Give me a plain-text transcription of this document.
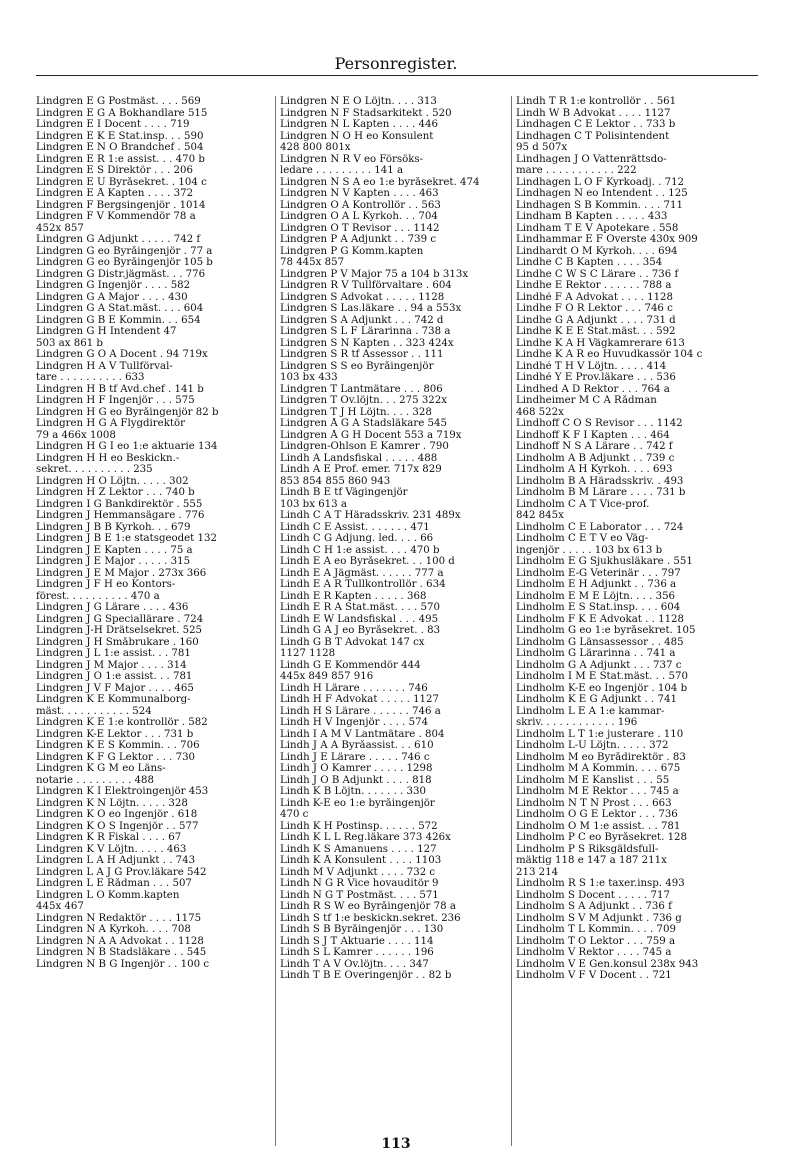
Personregister.
Lindgren E G Postmäst. . . . 569
Lindgren E G A Bokhandlare 515
Lindgren E I Docent . . . . 719
Lindgren E K E Stat.insp. . . 590
Lindgren E N O Brandchef . 504
Lindgren E R 1:e assist. . . 470 b
Lindgren E S Direktör . . . 206
Lindgren E U Byråsekret. . 104 c
Lindgren E Å Kapten . . . . 372
Lindgren F Bergsingenjör . 1014
Lindgren F V Kommendör 78 a
452x 857
Lindgren G Adjunkt . . . . . 742 f
Lindgren G eo Byråingenjör . 77 a
Lindgren G eo Byråingenjör 105 b
Lindgren G Distr.jägmäst. . . 776
Lindgren G Ingenjör . . . . 582
Lindgren G A Major . . . . 430
Lindgren G A Stat.mäst. . . . 604
Lindgren G B E Kommin. . . 654
Lindgren G H Intendent 47
503 ax 861 b
Lindgren G O A Docent . 94 719x
Lindgren H A V Tullförval-
tare . . . . . . . . . . 633
Lindgren H B tf Avd.chef . 141 b
Lindgren H F Ingenjör . . . 575
Lindgren H G eo Byråingenjör 82 b
Lindgren H G A Flygdirektör
79 a 466x 1008
Lindgren H G I eo 1:e aktuarie 134
Lindgren H H eo Beskickn.-
sekret. . . . . . . . . . 235
Lindgren H O Löjtn. . . . . 302
Lindgren H Z Lektor . . . 740 b
Lindgren I G Bankdirektör . 555
Lindgren J Hemmansägare . 776
Lindgren J B B Kyrkoh. . . 679
Lindgren J B E 1:e statsgeodet 132
Lindgren J E Kapten . . . . 75 a
Lindgren J E Major . . . . . 315
Lindgren J E M Major . 273x 366
Lindgren J F H eo Kontors-
förest. . . . . . . . . . 470 a
Lindgren J G Lärare . . . . 436
Lindgren J G Speciallärare . 724
Lindgren J-H Drätselsekret. 525
Lindgren J H Småbrukare . 160
Lindgren J L 1:e assist. . . 781
Lindgren J M Major . . . . 314
Lindgren J O 1:e assist. . . 781
Lindgren J V F Major . . . . 465
Lindgren K E Kommunalborg-
mäst. . . . . . . . . . . 524
Lindgren K E 1:e kontrollör . 582
Lindgren K-E Lektor . . . 731 b
Lindgren K E S Kommin. . . 706
Lindgren K F G Lektor . . . 730
Lindgren K G M eo Läns-
notarie . . . . . . . . . 488
Lindgren K I Elektroingenjör 453
Lindgren K N Löjtn. . . . . 328
Lindgren K O eo Ingenjör . 618
Lindgren K O S Ingenjör . . 577
Lindgren K R Fiskal . . . . 67
Lindgren K V Löjtn. . . . . 463
Lindgren L A H Adjunkt . . 743
Lindgren L A J G Prov.läkare 542
Lindgren L E Rådman . . . 507
Lindgren L O Komm.kapten
445x 467
Lindgren N Redaktör . . . . 1175
Lindgren N A Kyrkoh. . . . 708
Lindgren N A A Advokat . . 1128
Lindgren N B Stadsläkare . . 545
Lindgren N B G Ingenjör . . 100 c
Lindgren N E O Löjtn. . . . 313
Lindgren N F Stadsarkitekt . 520
Lindgren N L Kapten . . . . 446
Lindgren N O H eo Konsulent
428 800 801x
Lindgren N R V eo Försöks-
ledare . . . . . . . . . 141 a
Lindgren N S A eo 1:e byråsekret. 474
Lindgren N V Kapten . . . . 463
Lindgren O A Kontrollör . . 563
Lindgren O A L Kyrkoh. . . 704
Lindgren O T Revisor . . . 1142
Lindgren P A Adjunkt . . 739 c
Lindgren P G Komm.kapten
78 445x 857
Lindgren P V Major 75 a 104 b 313x
Lindgren R V Tullförvaltare . 604
Lindgren S Advokat . . . . . 1128
Lindgren S Las.läkare . . 94 a 553x
Lindgren S A Adjunkt . . . 742 d
Lindgren S L F Lärarinna . 738 a
Lindgren S N Kapten . . 323 424x
Lindgren S R tf Assessor . . 111
Lindgren S S eo Byråingenjör
103 bx 433
Lindgren T Lantmätare . . . 806
Lindgren T Öv.löjtn. . . 275 322x
Lindgren T J H Löjtn. . . . 328
Lindgren Å G A Stadsläkare 545
Lindgren Å G H Docent 553 a 719x
Lindgren-Ohlson E Kamrer . 790
Lindh A Landsfiskal . . . . . 488
Lindh A E Prof. emer. 717x 829
853 854 855 860 943
Lindh B E tf Vägingenjör
103 bx 613 a
Lindh C A T Häradsskriv. 231 489x
Lindh C E Assist. . . . . . . 471
Lindh C G Adjung. led. . . . 66
Lindh C H 1:e assist. . . . 470 b
Lindh E A eo Byråsekret. . . 100 d
Lindh E A Jägmäst. . . . . . 777 a
Lindh E A R Tullkontrollör . 634
Lindh E R Kapten . . . . . 368
Lindh E R A Stat.mäst. . . . 570
Lindh E W Landsfiskal . . . 495
Lindh G A J eo Byråsekret. . 83
Lindh G B T Advokat 147 cx
1127 1128
Lindh G E Kommendör 444
445x 849 857 916
Lindh H Lärare . . . . . . . 746
Lindh H F Advokat . . . . . 1127
Lindh H S Lärare . . . . . . 746 a
Lindh H V Ingenjör . . . . 574
Lindh I A M V Lantmätare . 804
Lindh J A A Byråassist. . . 610
Lindh J E Lärare . . . . . 746 c
Lindh J O Kamrer . . . . . 1298
Lindh J O B Adjunkt . . . . 818
Lindh K B Löjtn. . . . . . . 330
Lindh K-E eo 1:e byråingenjör
470 c
Lindh K H Postinsp. . . . . . 572
Lindh K L L Reg.läkare 373 426x
Lindh K S Amanuens . . . . 127
Lindh K Å Konsulent . . . . 1103
Lindh M V Adjunkt . . . . 732 c
Lindh N G R Vice hovauditör 9
Lindh N G T Postmäst. . . . 571
Lindh R S W eo Byråingenjör 78 a
Lindh S tf 1:e beskickn.sekret. 236
Lindh S B Byråingenjör . . . 130
Lindh S J T Aktuarie . . . . 114
Lindh S L Kamrer . . . . . . 196
Lindh T A V Öv.löjtn. . . . 347
Lindh T B E Överingenjör . . 82 b
Lindh T R 1:e kontrollör . . 561
Lindh W B Advokat . . . . 1127
Lindhagen C E Lektor . . 733 b
Lindhagen C T Polisintendent
95 d 507x
Lindhagen J O Vattenrättsdo-
mare . . . . . . . . . . . 222
Lindhagen L O F Kyrkoadj. . 712
Lindhagen N eo Intendent . . 125
Lindhagen S B Kommin. . . . 711
Lindham B Kapten . . . . . 433
Lindham T E V Apotekare . 558
Lindhammar E F Överste 430x 909
Lindhardt O M Kyrkoh. . . . 694
Lindhe C B Kapten . . . . 354
Lindhe C W S C Lärare . . 736 f
Lindhe E Rektor . . . . . . 788 a
Lindhé F A Advokat . . . . 1128
Lindhe F O R Lektor . . . 746 c
Lindhe G A Adjunkt . . . . 731 d
Lindhe K E E Stat.mäst. . . 592
Lindhe K A H Vägkamrerare 613
Lindhe K A R eo Huvudkassör 104 c
Lindhé T H V Löjtn. . . . . 414
Lindhé Y E Prov.läkare . . . 536
Lindhed A D Rektor . . . 764 a
Lindheimer M C A Rådman
468 522x
Lindhoff C O S Revisor . . . 1142
Lindhoff K F I Kapten . . . 464
Lindhoff N S A Lärare . . 742 f
Lindholm A B Adjunkt . . 739 c
Lindholm A H Kyrkoh. . . . 693
Lindholm B A Häradsskriv. . 493
Lindholm B M Lärare . . . . 731 b
Lindholm C A T Vice-prof.
842 845x
Lindholm C E Laborator . . . 724
Lindholm C E T V eo Väg-
ingenjör . . . . . 103 bx 613 b
Lindholm E G Sjukhusläkare . 551
Lindholm E-G Veterinär . . . 797
Lindholm E H Adjunkt . . 736 a
Lindholm E M E Löjtn. . . . 356
Lindholm E S Stat.insp. . . . 604
Lindholm F K E Advokat . . 1128
Lindholm G eo 1:e byråsekret. 105
Lindholm G Länsassessor . . 485
Lindholm G Lärarinna . . 741 a
Lindholm G A Adjunkt . . . 737 c
Lindholm I M E Stat.mäst. . . 570
Lindholm K-E eo Ingenjör . 104 b
Lindholm K E G Adjunkt . . 741
Lindholm L E A 1:e kammar-
skriv. . . . . . . . . . . . 196
Lindholm L T 1:e justerare . 110
Lindholm L-U Löjtn. . . . . 372
Lindholm M eo Byrådirektör . 83
Lindholm M A Kommin. . . . 675
Lindholm M E Kanslist . . . 55
Lindholm M E Rektor . . . 745 a
Lindholm N T N Prost . . . 663
Lindholm O G E Lektor . . . 736
Lindholm O M 1:e assist. . . 781
Lindholm P C eo Byråsekret. 128
Lindholm P S Riksgäldsfull-
mäktig 118 e 147 a 187 211x
213 214
Lindholm R S 1:e taxer.insp. 493
Lindholm S Docent . . . . . 717
Lindholm S A Adjunkt . . 736 f
Lindholm S V M Adjunkt . 736 g
Lindholm T L Kommin. . . . 709
Lindholm T O Lektor . . . 759 a
Lindholm V Rektor . . . . 745 a
Lindholm V E Gen.konsul 238x 943
Lindholm V F V Docent . . 721
113
